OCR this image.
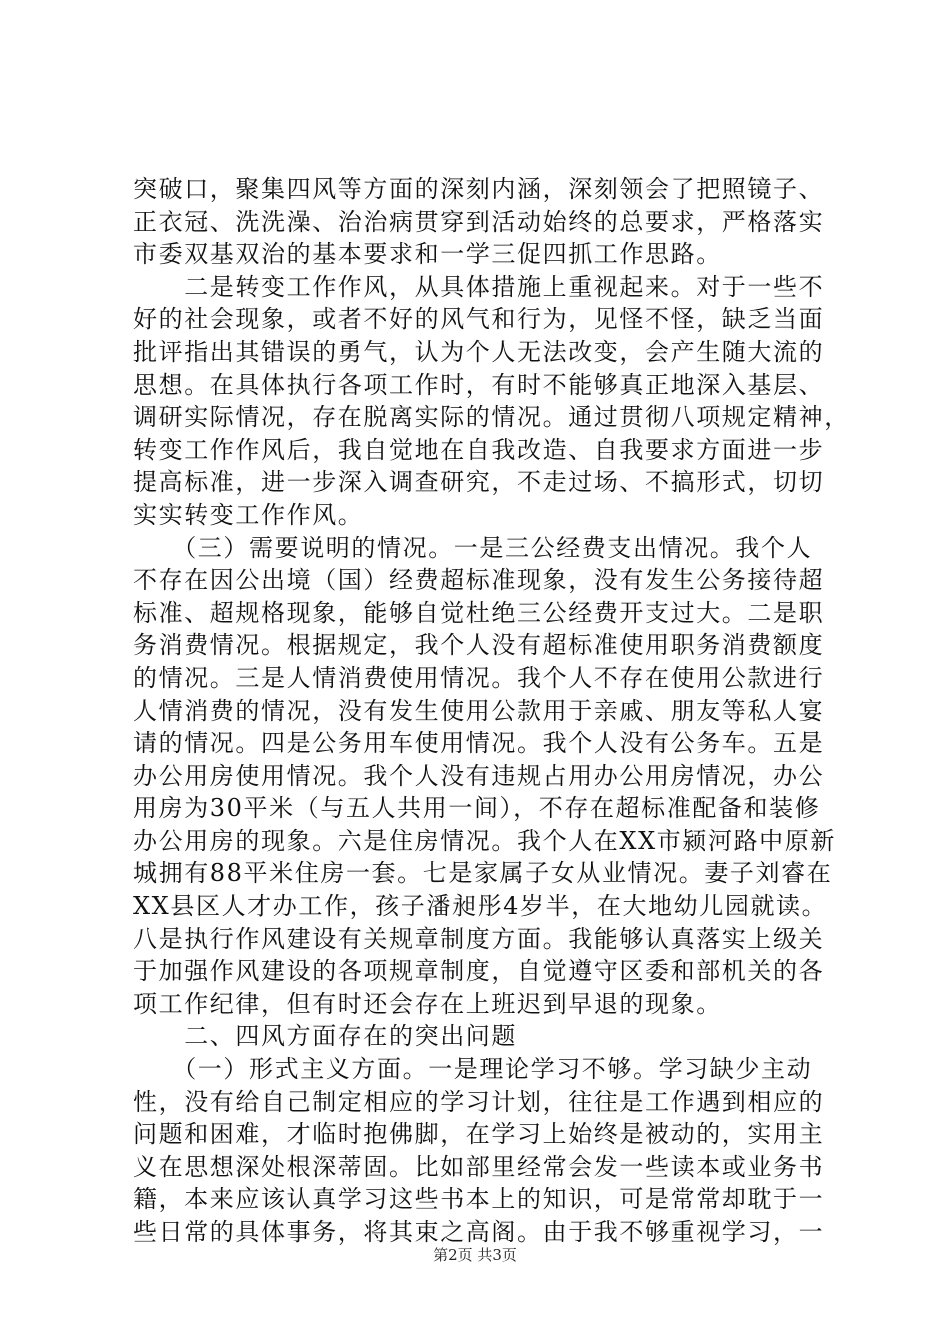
突破口，聚集四风等方面的深刻内涵，深刻领会了把照镜子、
正衣冠、洗洗澡、治治病贯穿到活动始终的总要求，严格落实
市委双基双治的基本要求和一学三促四抓工作思路。
　　二是转变工作作风，从具体措施上重视起来。对于一些不
好的社会现象，或者不好的风气和行为，见怪不怪，缺乏当面
批评指出其错误的勇气，认为个人无法改变，会产生随大流的
思想。在具体执行各项工作时，有时不能够真正地深入基层、
调研实际情况，存在脱离实际的情况。通过贯彻八项规定精神，
转变工作作风后，我自觉地在自我改造、自我要求方面进一步
提高标准，进一步深入调查研究，不走过场、不搞形式，切切
实实转变工作作风。
　　（三）需要说明的情况。一是三公经费支出情况。我个人
不存在因公出境（国）经费超标准现象，没有发生公务接待超
标准、超规格现象，能够自觉杜绝三公经费开支过大。二是职
务消费情况。根据规定，我个人没有超标准使用职务消费额度
的情况。三是人情消费使用情况。我个人不存在使用公款进行
人情消费的情况，没有发生使用公款用于亲戚、朋友等私人宴
请的情况。四是公务用车使用情况。我个人没有公务车。五是
办公用房使用情况。我个人没有违规占用办公用房情况，办公
用房为30平米（与五人共用一间），不存在超标准配备和装修
办公用房的现象。六是住房情况。我个人在XX市颍河路中原新
城拥有88平米住房一套。七是家属子女从业情况。妻子刘睿在
XX县区人才办工作，孩子潘昶彤4岁半，在大地幼儿园就读。
八是执行作风建设有关规章制度方面。我能够认真落实上级关
于加强作风建设的各项规章制度，自觉遵守区委和部机关的各
项工作纪律，但有时还会存在上班迟到早退的现象。
　　二、四风方面存在的突出问题
　　（一）形式主义方面。一是理论学习不够。学习缺少主动
性，没有给自己制定相应的学习计划，往往是工作遇到相应的
问题和困难，才临时抱佛脚，在学习上始终是被动的，实用主
义在思想深处根深蒂固。比如部里经常会发一些读本或业务书
籍，本来应该认真学习这些书本上的知识，可是常常却耽于一
些日常的具体事务，将其束之高阁。由于我不够重视学习，一
第2页 共3页
